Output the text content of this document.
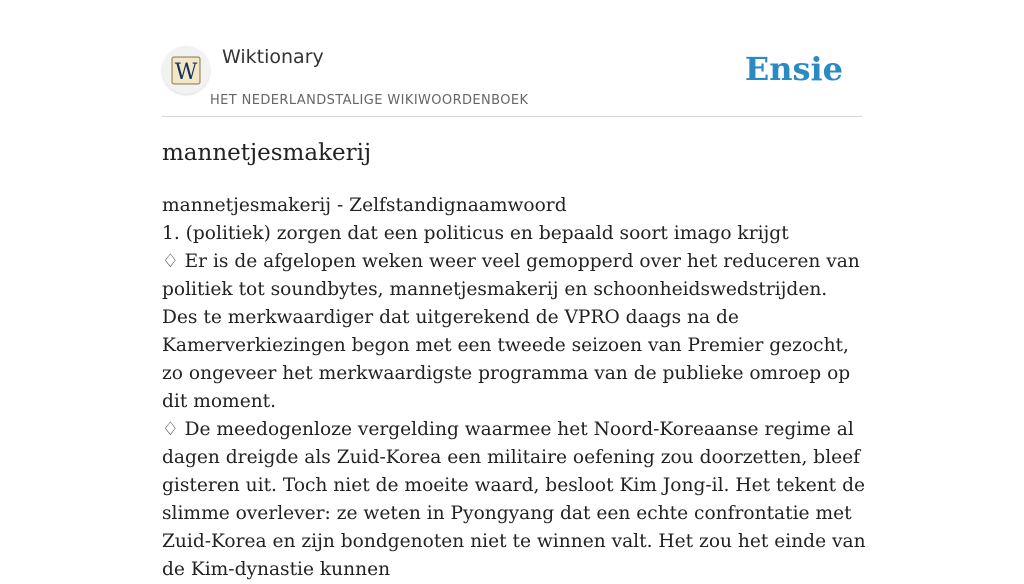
W
Wiktionary
HET NEDERLANDSTALIGE WIKIWOORDENBOEK
Ensie
mannetjesmakerij

mannetjesmakerij - Zelfstandignaamwoord

1. (politiek) zorgen dat een politicus en bepaald soort imago krijgt

♢ Er is de afgelopen weken weer veel gemopperd over het reduceren van politiek tot soundbytes, mannetjesmakerij en schoonheidswedstrijden. Des te merkwaardiger dat uitgerekend de VPRO daags na de Kamerverkiezingen begon met een tweede seizoen van Premier gezocht, zo ongeveer het merkwaardigste programma van de publieke omroep op dit moment.

♢ De meedogenloze vergelding waarmee het Noord-Koreaanse regime al dagen dreigde als Zuid-Korea een militaire oefening zou doorzetten, bleef gisteren uit. Toch niet de moeite waard, besloot Kim Jong-il. Het tekent de slimme overlever: ze weten in Pyongyang dat een echte confrontatie met Zuid-Korea en zijn bondgenoten niet te winnen valt. Het zou het einde van de Kim-dynastie kunnen
